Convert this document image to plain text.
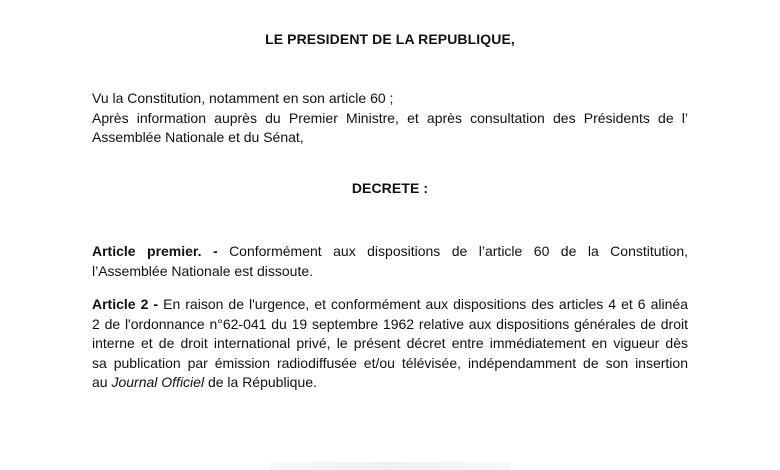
LE PRESIDENT DE LA REPUBLIQUE,
Vu la Constitution, notamment en son article 60 ;
Après information auprès du Premier Ministre, et après consultation des Présidents de l’
Assemblée Nationale et du Sénat,
DECRETE :
Article premier. - Conformément aux dispositions de l’article 60 de la Constitution,
l’Assemblée Nationale est dissoute.
Article 2 - En raison de l'urgence, et conformément aux dispositions des articles 4 et 6 alinéa
2 de l'ordonnance n°62-041 du 19 septembre 1962 relative aux dispositions générales de droit
interne et de droit international privé, le présent décret entre immédiatement en vigueur dès
sa publication par émission radiodiffusée et/ou télévisée, indépendamment de son insertion
au Journal Officiel de la République.
